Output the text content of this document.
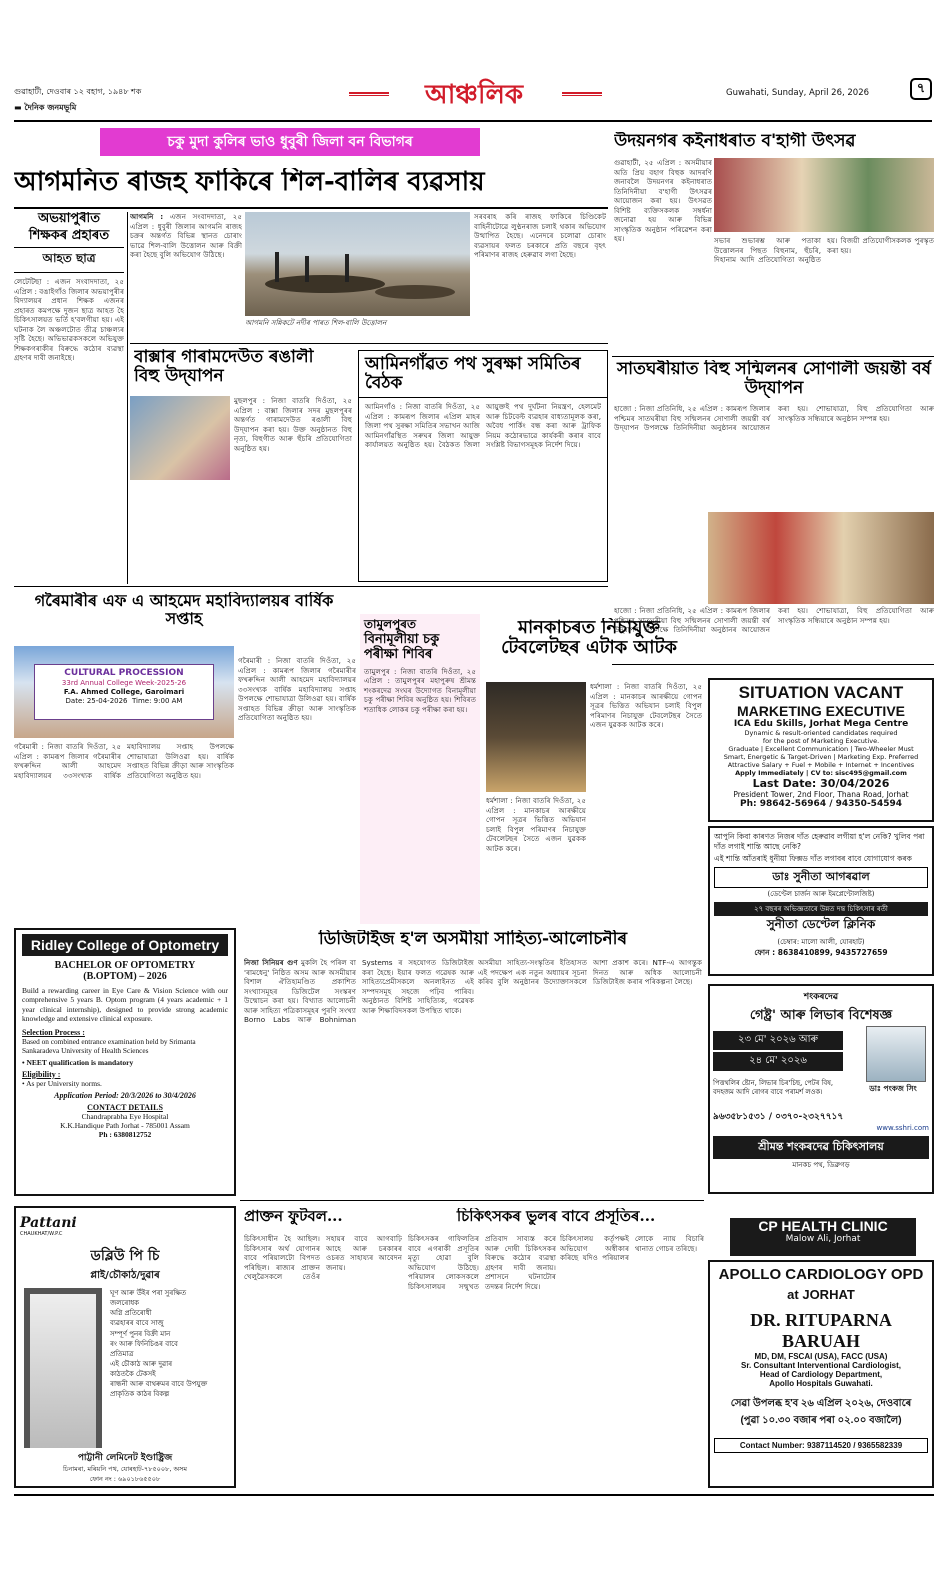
গুৱাহাটী, দেওবাৰ ১২ বহাগ, ১৯৪৮ শক
▬ দৈনিক জনমভূমি	আঞ্চলিক	Guwahati, Sunday, April 26, 2026	৭
চকু মুদা কুলিৰ ভাও ধুবুৰী জিলা বন বিভাগৰ
আগমনিত ৰাজহ ফাকিৰে শিল-বালিৰ ব্যৱসায়
অভয়াপুৰীত
শিক্ষকৰ প্ৰহাৰত
আহত ছাত্ৰ
লেটেটিছা : এজন সংবাদদাতা, ২৫ এপ্ৰিল : বঙাইগাঁও জিলাৰ অভয়াপুৰীৰ বিদ্যালয়ৰ প্ৰধান শিক্ষক এজনৰ প্ৰহাৰত কমপক্ষে দুজন ছাত্ৰ আহত হৈ চিকিৎসালয়ত ভৰ্তি হ'বলগীয়া হয়। এই ঘটনাক লৈ অঞ্চলটোত তীব্ৰ চাঞ্চল্যৰ সৃষ্টি হৈছে। অভিভাৱকসকলে অভিযুক্ত শিক্ষকগৰাকীৰ বিৰুদ্ধে কঠোৰ ব্যৱস্থা গ্ৰহণৰ দাবী জনাইছে।
আগমনি : এজন সংবাদদাতা, ২৫ এপ্ৰিল : ধুবুৰী জিলাৰ আগমনি ৰাজহ চক্ৰৰ অন্তৰ্গত বিভিন্ন স্থানত চোৰাং ভাৱে শিল-বালি উত্তোলন আৰু বিক্ৰী কৰা হৈছে বুলি অভিযোগ উঠিছে।
আগমনি সন্নিকটে নদীৰ পাৰত শিল-বালি উত্তোলন
সৰবৰাহ কৰি ৰাজহ ফাকিৰে চিণ্ডিকেট বাহিনীটোৱে লুণ্ঠনৰাজ চলাই থকাৰ অভিযোগ উত্থাপিত হৈছে। এনেদৰে চলোৱা চোৰাং ব্যৱসায়ৰ ফলত চৰকাৰে প্ৰতি বছৰে বৃহৎ পৰিমাণৰ ৰাজহ হেৰুৱাব লগা হৈছে।
বাক্সাৰ গাৰামদেউত ৰঙালী বিহু উদ্‌যাপন
মুছলপুৰ : নিজা বাতৰি দিওঁতা, ২৫ এপ্ৰিল : বাক্সা জিলাৰ সদৰ মুছলপুৰৰ অন্তৰ্গত গাৰামদেউত ৰঙালী বিহু উদ্‌যাপন কৰা হয়। উক্ত অনুষ্ঠানত বিহু নৃত্য, বিহুগীত আৰু হুঁচৰি প্ৰতিযোগিতা অনুষ্ঠিত হয়।
আমিনগাঁৱত পথ সুৰক্ষা সমিতিৰ বৈঠক
আমিনগাঁও : নিজা বাতৰি দিওঁতা, ২৫ এপ্ৰিল : কামৰূপ জিলাৰ এপ্ৰিল মাহৰ জিলা পথ সুৰক্ষা সমিতিৰ সভাখন আজি আমিনগাঁৱস্থিত সৰুঘৰ জিলা আয়ুক্ত কাৰ্যালয়ত অনুষ্ঠিত হয়। বৈঠকত জিলা আয়ুক্তই পথ দুৰ্ঘটনা নিয়ন্ত্ৰণ, হেলমেট আৰু চিটবেল্ট ব্যৱহাৰ বাধ্যতামূলক কৰা, অবৈধ পাৰ্কিং বন্ধ কৰা আৰু ট্ৰাফিক নিয়ম কঠোৰভাৱে কাৰ্যকৰী কৰাৰ বাবে সংশ্লিষ্ট বিভাগসমূহক নিৰ্দেশ দিয়ে।
উদয়নগৰ কইনাধৰাত ব'হাগী উৎসৱ
গুৱাহাটী, ২৫ এপ্ৰিল : অসমীয়াৰ অতি প্ৰিয় বহাগ বিহুক আদৰণি জনাবলৈ উদয়নগৰ কইনাধৰাত তিনিদিনীয়া ব'হাগী উৎসৱৰ আয়োজন কৰা হয়। উৎসৱত বিশিষ্ট ব্যক্তিসকলক সম্বৰ্ধনা জনোৱা হয় আৰু বিভিন্ন সাংস্কৃতিক অনুষ্ঠান পৰিৱেশন কৰা হয়।	সভাৰ শুভাৰম্ভ আৰু পতাকা উত্তোলনৰ পিছত বিহুনাম, হুঁচৰি, দিহানাম আদি প্ৰতিযোগিতা অনুষ্ঠিত হয়। বিজয়ী প্ৰতিযোগীসকলক পুৰস্কৃত কৰা হয়।
সাতঘৰীয়াত বিহু সন্মিলনৰ সোণালী জয়ন্তী বৰ্ষ উদ্‌যাপন
হাজো : নিজা প্ৰতিনিধি, ২৫ এপ্ৰিল : কামৰূপ জিলাৰ পশ্চিমৰ সাতঘৰীয়া বিহু সন্মিলনৰ সোণালী জয়ন্তী বৰ্ষ উদ্‌যাপন উপলক্ষে তিনিদিনীয়া অনুষ্ঠানৰ আয়োজন কৰা হয়। শোভাযাত্ৰা, বিহু প্ৰতিযোগিতা আৰু সাংস্কৃতিক সন্ধিয়াৰে অনুষ্ঠান সম্পন্ন হয়।
হাজো : নিজা প্ৰতিনিধি, ২৫ এপ্ৰিল : কামৰূপ জিলাৰ পশ্চিমৰ সাতঘৰীয়া বিহু সন্মিলনৰ সোণালী জয়ন্তী বৰ্ষ উদ্‌যাপন উপলক্ষে তিনিদিনীয়া অনুষ্ঠানৰ আয়োজন কৰা হয়। শোভাযাত্ৰা, বিহু প্ৰতিযোগিতা আৰু সাংস্কৃতিক সন্ধিয়াৰে অনুষ্ঠান সম্পন্ন হয়।
গৰৈমাৰীৰ এফ এ আহমেদ মহাবিদ্যালয়ৰ বাৰ্ষিক সপ্তাহ
CULTURAL PROCESSION
33rd Annual College Week-2025-26
F.A. Ahmed College, Garoimari
Date: 25-04-2026 Time: 9:00 AM
গৰৈমাৰী : নিজা বাতৰি দিওঁতা, ২৫ এপ্ৰিল : কামৰূপ জিলাৰ গৰৈমাৰীৰ ফখৰুদ্দিন আলী আহমেদ মহাবিদ্যালয়ৰ ৩৩সংখ্যক বাৰ্ষিক মহাবিদ্যালয় সপ্তাহ উপলক্ষে শোভাযাত্ৰা উলিওৱা হয়। বাৰ্ষিক সপ্তাহত বিভিন্ন ক্ৰীড়া আৰু সাংস্কৃতিক প্ৰতিযোগিতা অনুষ্ঠিত হয়।
গৰৈমাৰী : নিজা বাতৰি দিওঁতা, ২৫ এপ্ৰিল : কামৰূপ জিলাৰ গৰৈমাৰীৰ ফখৰুদ্দিন আলী আহমেদ মহাবিদ্যালয়ৰ ৩৩সংখ্যক বাৰ্ষিক মহাবিদ্যালয় সপ্তাহ উপলক্ষে শোভাযাত্ৰা উলিওৱা হয়। বাৰ্ষিক সপ্তাহত বিভিন্ন ক্ৰীড়া আৰু সাংস্কৃতিক প্ৰতিযোগিতা অনুষ্ঠিত হয়।
তামুলপুৰত
বিনামূলীয়া চকু পৰীক্ষা শিবিৰ
তামুলপুৰ : নিজা বাতৰি দিওঁতা, ২৫ এপ্ৰিল : তামুলপুৰৰ মহাপুৰুষ শ্ৰীমন্ত শংকৰদেৱ সংঘৰ উদ্যোগত বিনামূলীয়া চকু পৰীক্ষা শিবিৰ অনুষ্ঠিত হয়। শিবিৰত শতাধিক লোকৰ চকু পৰীক্ষা কৰা হয়।
মানকাচৰত নিচাযুক্ত টেবলেটছৰ এটাক আটক
ধৰ্মশালা : নিজা বাতৰি দিওঁতা, ২৫ এপ্ৰিল : মানকাচৰ আৰক্ষীয়ে গোপন সূত্ৰৰ ভিত্তিত অভিযান চলাই বিপুল পৰিমাণৰ নিচাযুক্ত টেবলেটছৰ সৈতে এজন যুৱকক আটক কৰে।
ধৰ্মশালা : নিজা বাতৰি দিওঁতা, ২৫ এপ্ৰিল : মানকাচৰ আৰক্ষীয়ে গোপন সূত্ৰৰ ভিত্তিত অভিযান চলাই বিপুল পৰিমাণৰ নিচাযুক্ত টেবলেটছৰ সৈতে এজন যুৱকক আটক কৰে।
SITUATION VACANT
MARKETING EXECUTIVE
ICA Edu Skills, Jorhat Mega Centre
Dynamic & result-oriented candidates required
for the post of Marketing Executive.
Graduate | Excellent Communication | Two-Wheeler Must
Smart, Energetic & Target-Driven | Marketing Exp. Preferred
Attractive Salary + Fuel + Mobile + Internet + Incentives
Apply Immediately | CV to: sisc495@gmail.com
Last Date: 30/04/2026
President Tower, 2nd Floor, Thana Road, Jorhat
Ph: 98642-56964 / 94350-54594
আপুনি কিবা কাৰণত নিজৰ দাঁত হেৰুৱাব লগীয়া হ'ল নেকি? খুলিব পৰা দাঁত লগাই শান্তি আছে নেকি?
এই শান্তি আঁতৰাই ধুনীয়া ফিক্সড দাঁত লগাবৰ বাবে যোগাযোগ কৰক
ডাঃ সুনীতা আগৰৱাল
(ডেণ্টেল চাৰ্জন আৰু ইমপ্লেণ্টোলজিষ্ট)
২৭ বছৰৰ অভিজ্ঞতাৰে উন্নত দন্ত চিকিৎসাৰ ৰতী
সুনীতা ডেণ্টেল ক্লিনিক
(চেম্বাৰ: মালো আলী, যোৰহাট)
ফোন : 8638410899, 9435727659
শংকৰদেৱ
গেষ্ট্ৰ' আৰু লিভাৰ বিশেষজ্ঞ
২৩ মে' ২০২৬ আৰু
২৪ মে' ২০২৬
ডাঃ পংকজ সিং
পিত্তথলিৰ ষ্টোন, লিভাৰ চিৰ'চিছ, পেটৰ বিষ, বদহজম আদি ৰোগৰ বাবে পৰামৰ্শ লওক।
৯৬৩৫৮১৫৩১ / ০৩৭০-২৩২৭৭১৭
www.sshri.com
শ্ৰীমন্ত শংকৰদেৱ চিকিৎসালয়
মানকচ পথ, ডিব্ৰুগড়
Ridley College of Optometry
BACHELOR OF OPTOMETRY
(B.OPTOM) – 2026
Build a rewarding career in Eye Care & Vision Science with our comprehensive 5 years B. Optom program (4 years academic + 1 year clinical internship), designed to provide strong academic knowledge and extensive clinical exposure.
Selection Process :
Based on combined entrance examination held by Srimanta Sankaradeva University of Health Sciences
• NEET qualification is mandatory
Eligibility :
• As per University norms.
Application Period: 20/3/2026 to 30/4/2026
CONTACT DETAILS
Chandraprabha Eye Hospital
K.K.Handique Path Jorhat - 785001 Assam
Ph : 6380812752
ডিজিটাইজ হ'ল অসমীয়া সাহিত্য-আলোচনীৰ
নিজা সিনিয়ৰ গুণ মুকলি হৈ পৰিল বা 'ৰামধেনু' নিষ্ঠিত অসম আৰু অসমীয়াৰ বিশাল ঐতিহ্যমণ্ডিত প্ৰকাশিত সংখ্যাসমূহৰ ডিজিটেল সংস্কৰণ উন্মোচন কৰা হয়। বিখ্যাত আলোচনী আৰু সাহিত্য পত্ৰিকাসমূহৰ পুৰণি সংখ্যা Borno Labs আৰু Bohniman Systems ৰ সহযোগত ডিজিটাইজ কৰা হৈছে। ইয়াৰ ফলত গৱেষক আৰু সাহিত্যপ্ৰেমীসকলে অনলাইনত এই সম্পদসমূহ সহজে পঢ়িব পাৰিব। অনুষ্ঠানত বিশিষ্ট সাহিত্যিক, গৱেষক আৰু শিক্ষাবিদসকল উপস্থিত থাকে।
অসমীয়া সাহিত্য-সংস্কৃতিৰ ইতিহাসত এই পদক্ষেপ এক নতুন অধ্যায়ৰ সূচনা কৰিব বুলি অনুষ্ঠানৰ উদ্যোক্তাসকলে আশা প্ৰকাশ কৰে। NTF-এ আগন্তুক দিনত আৰু অধিক আলোচনী ডিজিটাইজ কৰাৰ পৰিকল্পনা লৈছে।
Pattani
CHAUKHAT/W.P.C
ডব্লিউ পি চি
প্লাই/চৌকাঠ/দুৱাৰ
ঘূণ আৰু উঁইৰ পৰা সুৰক্ষিত
জলৰোধক
অগ্নি প্ৰতিৰোধী
ব্যৱহাৰৰ বাবে সাজু
সম্পূৰ্ণ পুনৰ বিক্ৰী মান
ৰং আৰু ফিনিচিঙৰ বাবে
প্ৰতিমাত্ৰ
এই চৌকাঠ আৰু দুৱাৰ
কাঠতকৈ টেকসই
ৰান্ধনী আৰু বাথৰুমৰ বাবে উপযুক্ত
প্ৰাকৃতিক কাঠৰ বিকল্প
পাট্টানী লেমিনেট ইণ্ডাষ্ট্ৰিজ
চিনামৰা, মৰিয়নি পথ, যোৰহাট-৭৮৫০০৮, অসম
ফোন নং : ৬৯০১৮৬৫৫০৮
প্ৰাক্তন ফুটবল...
চিকিৎসাধীন হৈ আছিল। চিকিৎসাৰ অৰ্থ যোগানৰ বাবে পৰিয়ালটো বিপদত পৰিছিল। ৰাজ্যৰ প্ৰাক্তন খেলুৱৈসকলে তেওঁৰ সহায়ৰ বাবে আগবাঢ়ি আহে আৰু চৰকাৰৰ ওচৰত সাহায্যৰ আবেদন জনায়।
চিকিৎসকৰ ভুলৰ বাবে প্ৰসূতিৰ...
চিকিৎসকৰ গাফিলতিৰ বাবে এগৰাকী প্ৰসূতিৰ মৃত্যু হোৱা বুলি অভিযোগ উঠিছে। পৰিয়ালৰ লোকসকলে চিকিৎসালয়ৰ সন্মুখত প্ৰতিবাদ সাব্যস্ত কৰে আৰু দোষী চিকিৎসকৰ বিৰুদ্ধে কঠোৰ ব্যৱস্থা গ্ৰহণৰ দাবী জনায়। প্ৰশাসনে ঘটনাটোৰ তদন্তৰ নিৰ্দেশ দিয়ে।
চিকিৎসালয় কৰ্তৃপক্ষই অভিযোগ অস্বীকাৰ কৰিছে যদিও পৰিয়ালৰ লোকে ন্যায় বিচাৰি থানাত গোচৰ তৰিছে।
CP HEALTH CLINIC
Malow Ali, Jorhat
APOLLO CARDIOLOGY OPD
at JORHAT
DR. RITUPARNA BARUAH
MD, DM, FSCAI (USA), FACC (USA)
Sr. Consultant Interventional Cardiologist,
Head of Cardiology Department,
Apollo Hospitals Guwahati.
সেৱা উপলব্ধ হ'ব ২৬ এপ্ৰিল ২০২৬, দেওবাৰে
(পুৱা ১০.৩০ বজাৰ পৰা ০২.০০ বজালৈ)
Contact Number: 9387114520 / 9365582339
